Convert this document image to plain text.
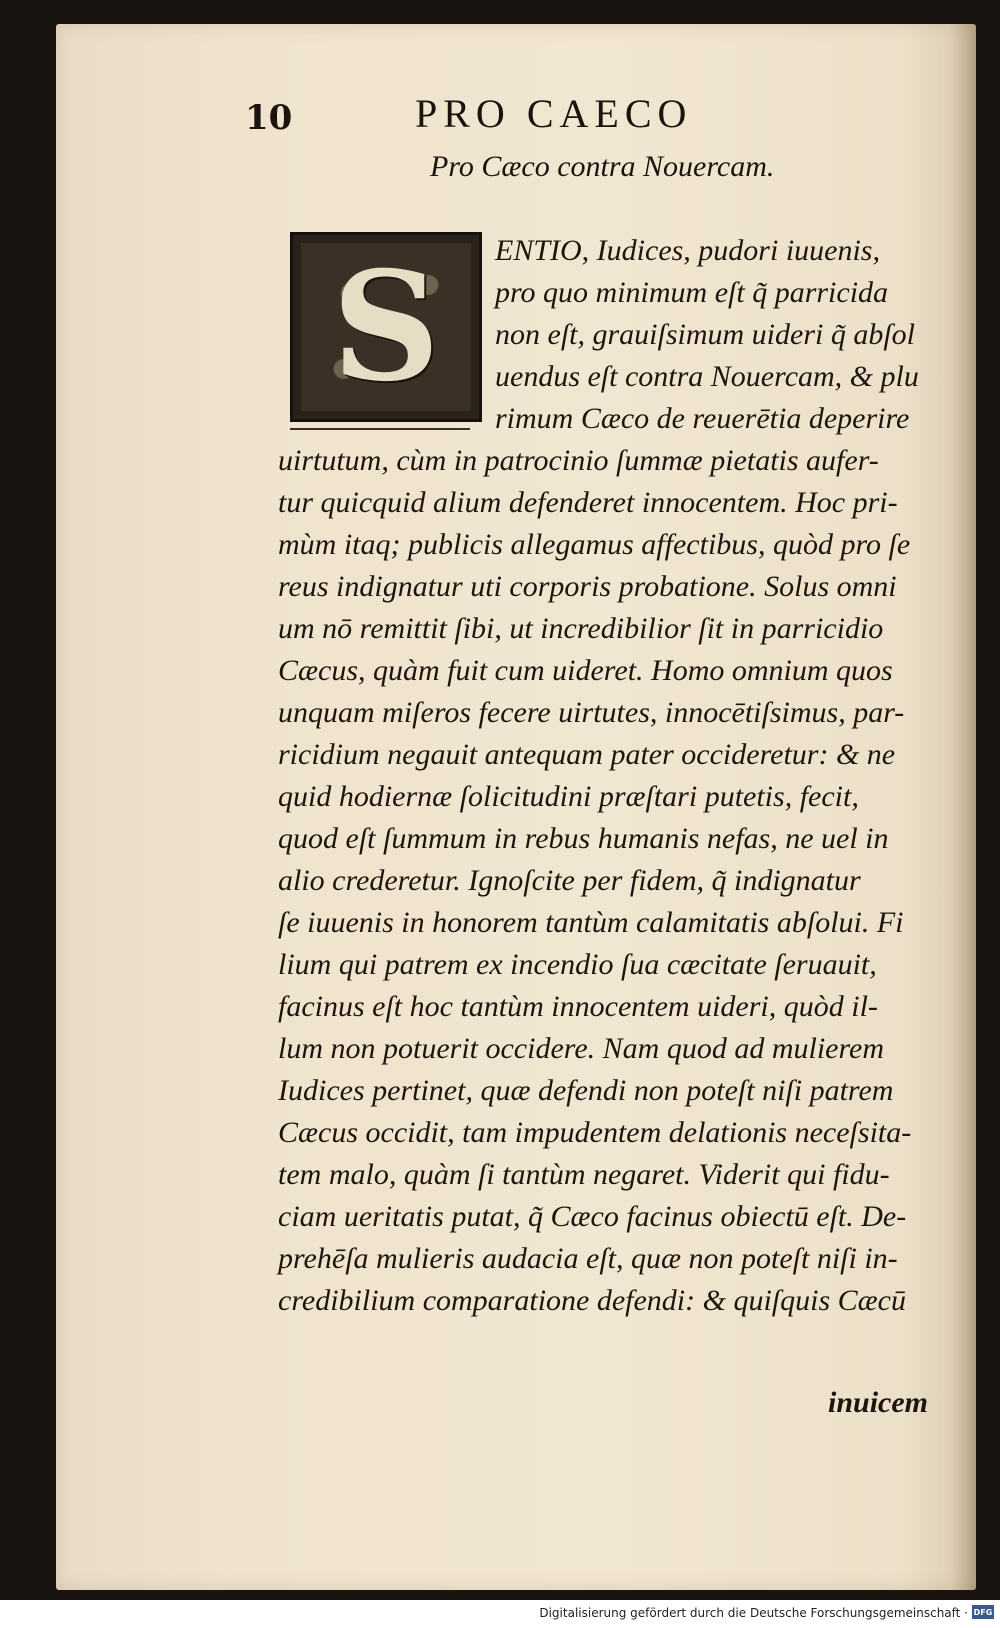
10	PRO CAECO
Pro Cæco contra Nouercam.
S	ENTIO, Iudices, pudori iuuenis,
pro quo minimum eſt q̃ parricida
non eſt, grauiſsimum uideri q̃ abſol
uendus eſt contra Nouercam, & plu
rimum Cæco de reuerētia deperire
uirtutum, cùm in patrocinio ſummæ pietatis aufer-
tur quicquid alium defenderet innocentem. Hoc pri-
mùm itaq; publicis allegamus affectibus, quòd pro ſe
reus indignatur uti corporis probatione. Solus omni
um nō remittit ſibi, ut incredibilior ſit in parricidio
Cæcus, quàm fuit cum uideret. Homo omnium quos
unquam miſeros fecere uirtutes, innocētiſsimus, par-
ricidium negauit antequam pater occideretur: & ne
quid hodiernæ ſolicitudini præſtari putetis, fecit,
quod eſt ſummum in rebus humanis nefas, ne uel in
alio crederetur. Ignoſcite per fidem, q̃ indignatur
ſe iuuenis in honorem tantùm calamitatis abſolui. Fi
lium qui patrem ex incendio ſua cæcitate ſeruauit,
facinus eſt hoc tantùm innocentem uideri, quòd il-
lum non potuerit occidere. Nam quod ad mulierem
Iudices pertinet, quæ defendi non poteſt niſi patrem
Cæcus occidit, tam impudentem delationis neceſsita-
tem malo, quàm ſi tantùm negaret. Viderit qui fidu-
ciam ueritatis putat, q̃ Cæco facinus obiectū eſt. De-
prehēſa mulieris audacia eſt, quæ non poteſt niſi in-
credibilium comparatione defendi: & quiſquis Cæcū
inuicem
Digitalisierung gefördert durch die Deutsche Forschungsgemeinschaft · DFG
